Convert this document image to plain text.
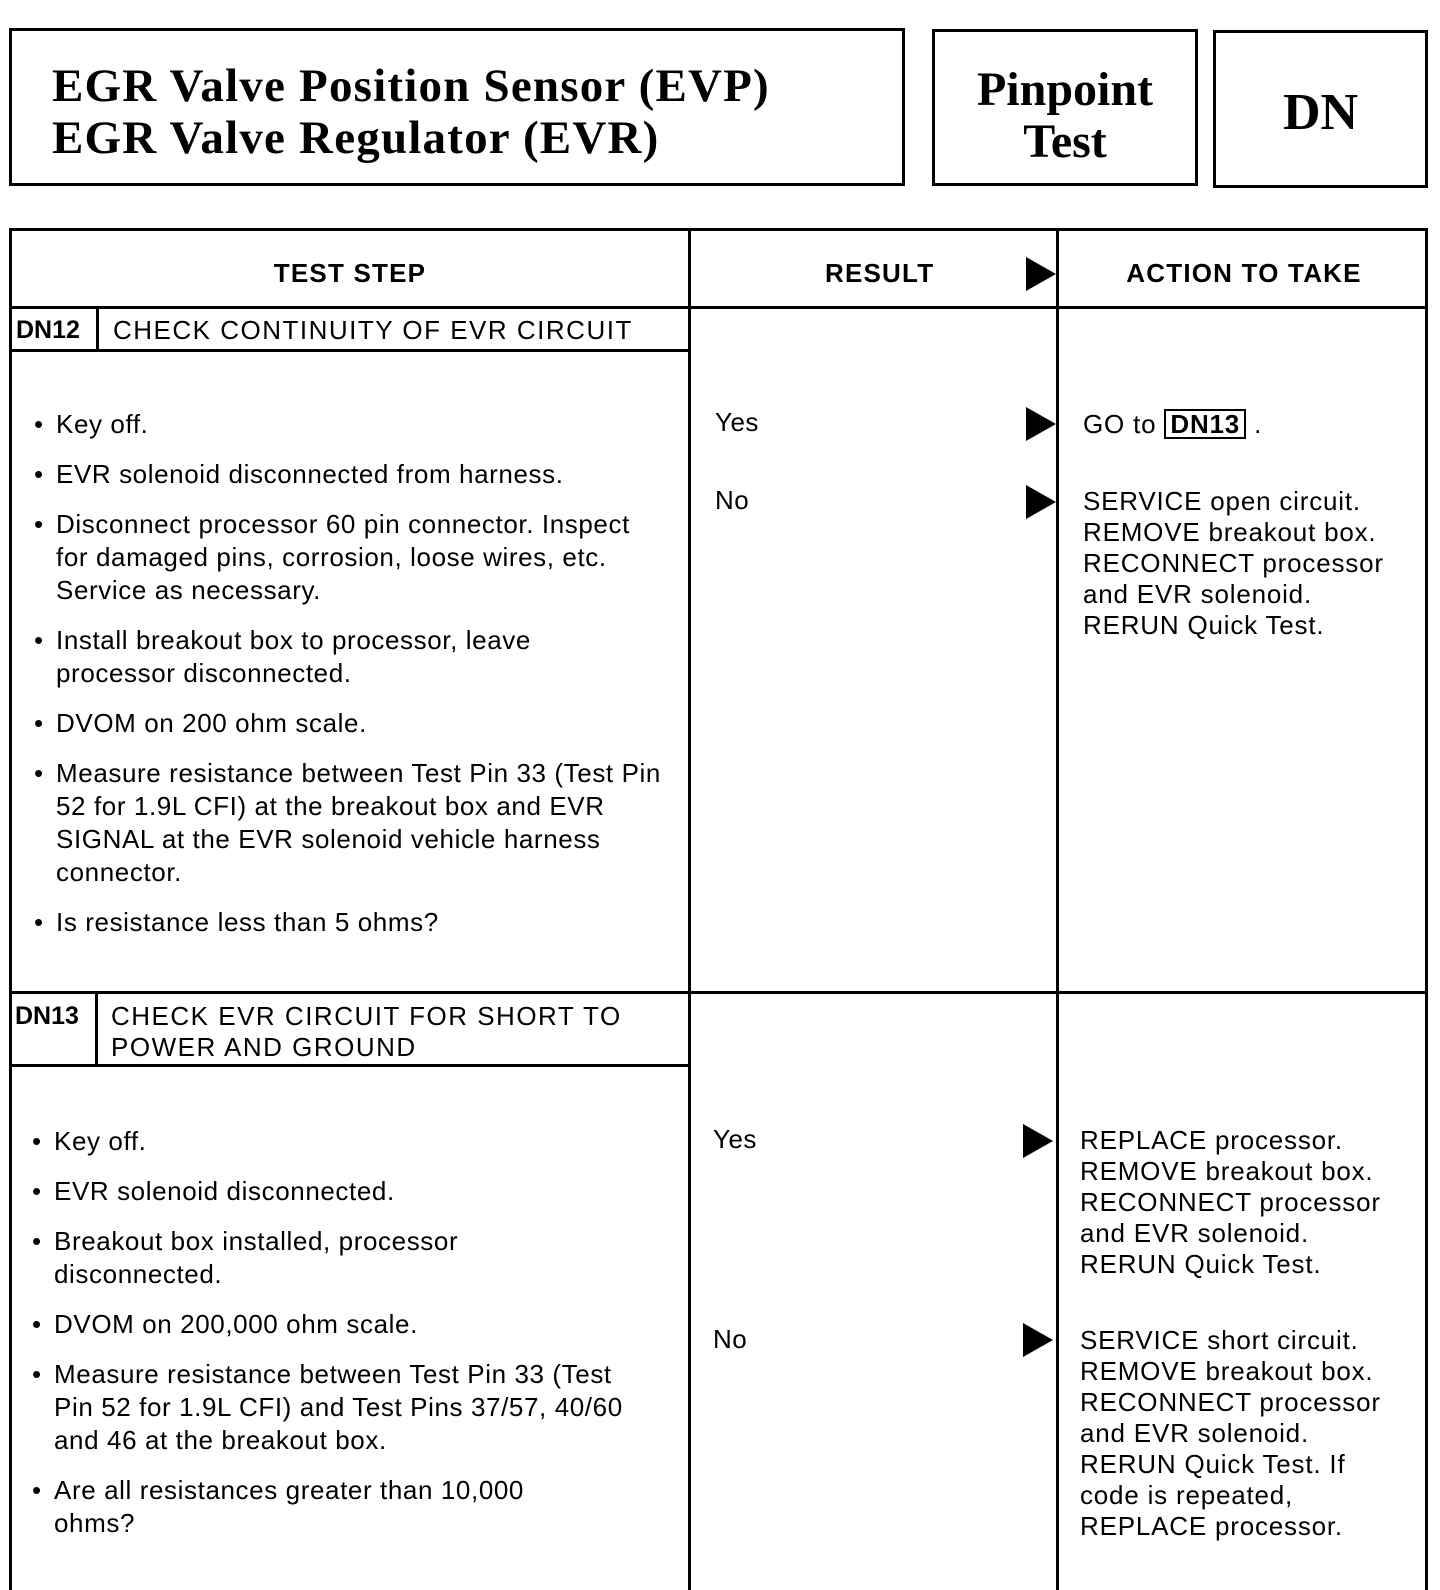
EGR Valve Position Sensor (EVP)
EGR Valve Regulator (EVR)
Pinpoint
Test
DN
TEST STEP	RESULT	ACTION TO TAKE
DN12 CHECK CONTINUITY OF EVR CIRCUIT
• Key off.
• EVR solenoid disconnected from harness.
• Disconnect processor 60 pin connector. Inspect for damaged pins, corrosion, loose wires, etc. Service as necessary.
• Install breakout box to processor, leave processor disconnected.
• DVOM on 200 ohm scale.
• Measure resistance between Test Pin 33 (Test Pin 52 for 1.9L CFI) at the breakout box and EVR SIGNAL at the EVR solenoid vehicle harness connector.
• Is resistance less than 5 ohms?
Yes	GO to DN13 .
No	SERVICE open circuit.
REMOVE breakout box.
RECONNECT processor
and EVR solenoid.
RERUN Quick Test.
DN13 CHECK EVR CIRCUIT FOR SHORT TO
POWER AND GROUND
• Key off.
• EVR solenoid disconnected.
• Breakout box installed, processor disconnected.
• DVOM on 200,000 ohm scale.
• Measure resistance between Test Pin 33 (Test Pin 52 for 1.9L CFI) and Test Pins 37/57, 40/60 and 46 at the breakout box.
• Are all resistances greater than 10,000 ohms?
Yes	REPLACE processor.
REMOVE breakout box.
RECONNECT processor
and EVR solenoid.
RERUN Quick Test.
No	SERVICE short circuit.
REMOVE breakout box.
RECONNECT processor
and EVR solenoid.
RERUN Quick Test. If
code is repeated,
REPLACE processor.
